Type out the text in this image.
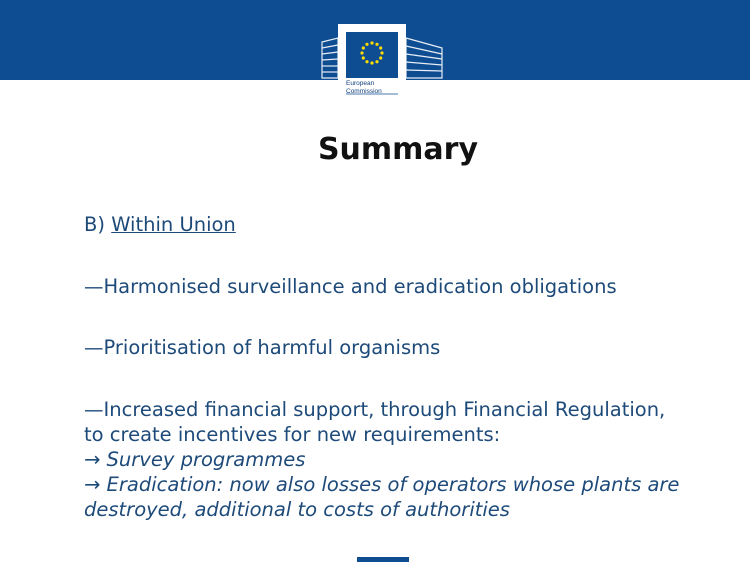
European
Commission
Summary
B) Within Union
—Harmonised surveillance and eradication obligations
—Prioritisation of harmful organisms
—Increased financial support, through Financial Regulation,
to create incentives for new requirements:
→ Survey programmes
→ Eradication: now also losses of operators whose plants are
destroyed, additional to costs of authorities
